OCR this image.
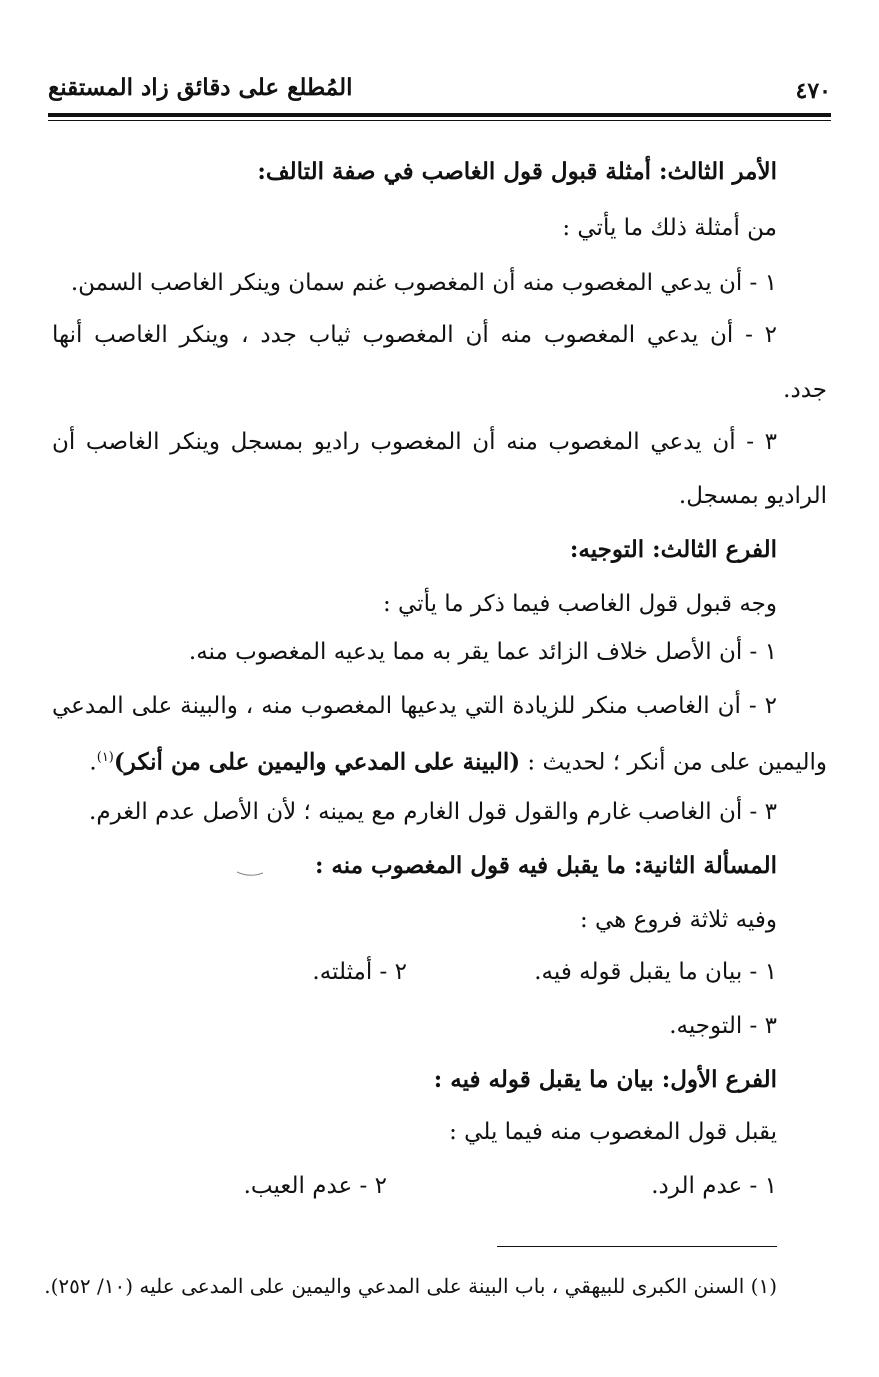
٤٧٠
المُطلع على دقائق زاد المستقنع
الأمر الثالث: أمثلة قبول قول الغاصب في صفة التالف:
من أمثلة ذلك ما يأتي :
١ - أن يدعي المغصوب منه أن المغصوب غنم سمان وينكر الغاصب السمن.
٢ - أن يدعي المغصوب منه أن المغصوب ثياب جدد ، وينكر الغاصب أنها
جدد.
٣ - أن يدعي المغصوب منه أن المغصوب راديو بمسجل وينكر الغاصب أن
الراديو بمسجل.
الفرع الثالث: التوجيه:
وجه قبول قول الغاصب فيما ذكر ما يأتي :
١ - أن الأصل خلاف الزائد عما يقر به مما يدعيه المغصوب منه.
٢ - أن الغاصب منكر للزيادة التي يدعيها المغصوب منه ، والبينة على المدعي
واليمين على من أنكر ؛ لحديث : (البينة على المدعي واليمين على من أنكر)$^{(١)}$.
٣ - أن الغاصب غارم والقول قول الغارم مع يمينه ؛ لأن الأصل عدم الغرم.
المسألة الثانية: ما يقبل فيه قول المغصوب منه :
وفيه ثلاثة فروع هي :
١ - بيان ما يقبل قوله فيه.
٢ - أمثلته.
٣ - التوجيه.
الفرع الأول: بيان ما يقبل قوله فيه :
يقبل قول المغصوب منه فيما يلي :
١ - عدم الرد.
٢ - عدم العيب.
(١) السنن الكبرى للبيهقي ، باب البينة على المدعي واليمين على المدعى عليه (١٠/ ٢٥٢).
